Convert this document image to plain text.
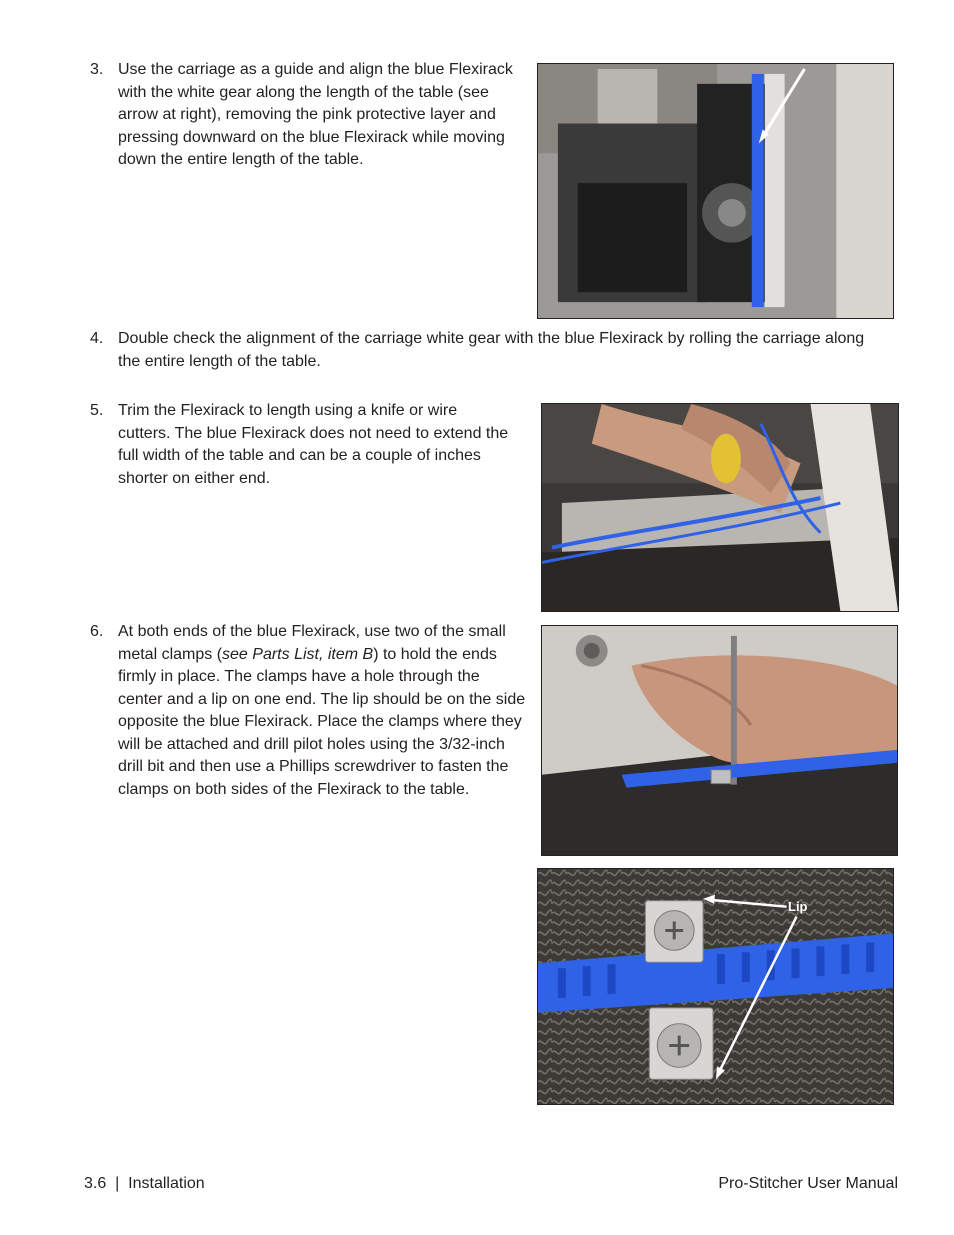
3. Use the carriage as a guide and align the blue Flexirack with the white gear along the length of the table (see arrow at right), removing the pink protective layer and pressing downward on the blue Flexirack while moving down the entire length of the table.
4. Double check the alignment of the carriage white gear with the blue Flexirack by rolling the carriage along the entire length of the table.
5. Trim the Flexirack to length using a knife or wire cutters. The blue Flexirack does not need to extend the full width of the table and can be a couple of inches shorter on either end.
6. At both ends of the blue Flexirack, use two of the small metal clamps (see Parts List, item B) to hold the ends firmly in place. The clamps have a hole through the center and a lip on one end. The lip should be on the side opposite the blue Flexirack. Place the clamps where they will be attached and drill pilot holes using the 3/32-inch drill bit and then use a Phillips screwdriver to fasten the clamps on both sides of the Flexirack to the table.
Lip
3.6  |  Installation	Pro-Stitcher User Manual
